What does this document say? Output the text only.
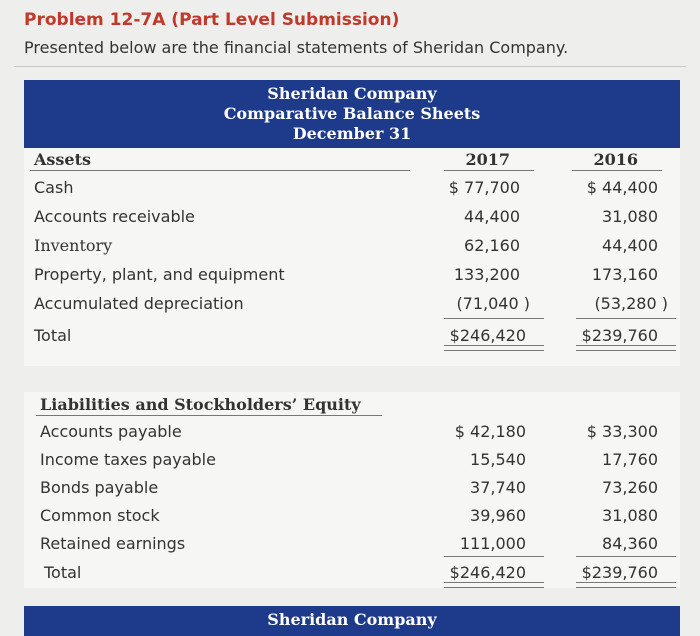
Problem 12-7A (Part Level Submission)
Presented below are the financial statements of Sheridan Company.
Sheridan Company
Comparative Balance Sheets
December 31
Assets	2017	2016
Cash	$ 77,700	$ 44,400
Accounts receivable	44,400	31,080
Inventory	62,160	44,400
Property, plant, and equipment	133,200	173,160
Accumulated depreciation	(71,040 )	(53,280 )
Total	$246,420	$239,760
Liabilities and Stockholders’ Equity
Accounts payable	$ 42,180	$ 33,300
Income taxes payable	15,540	17,760
Bonds payable	37,740	73,260
Common stock	39,960	31,080
Retained earnings	111,000	84,360
Total	$246,420	$239,760
Sheridan Company
